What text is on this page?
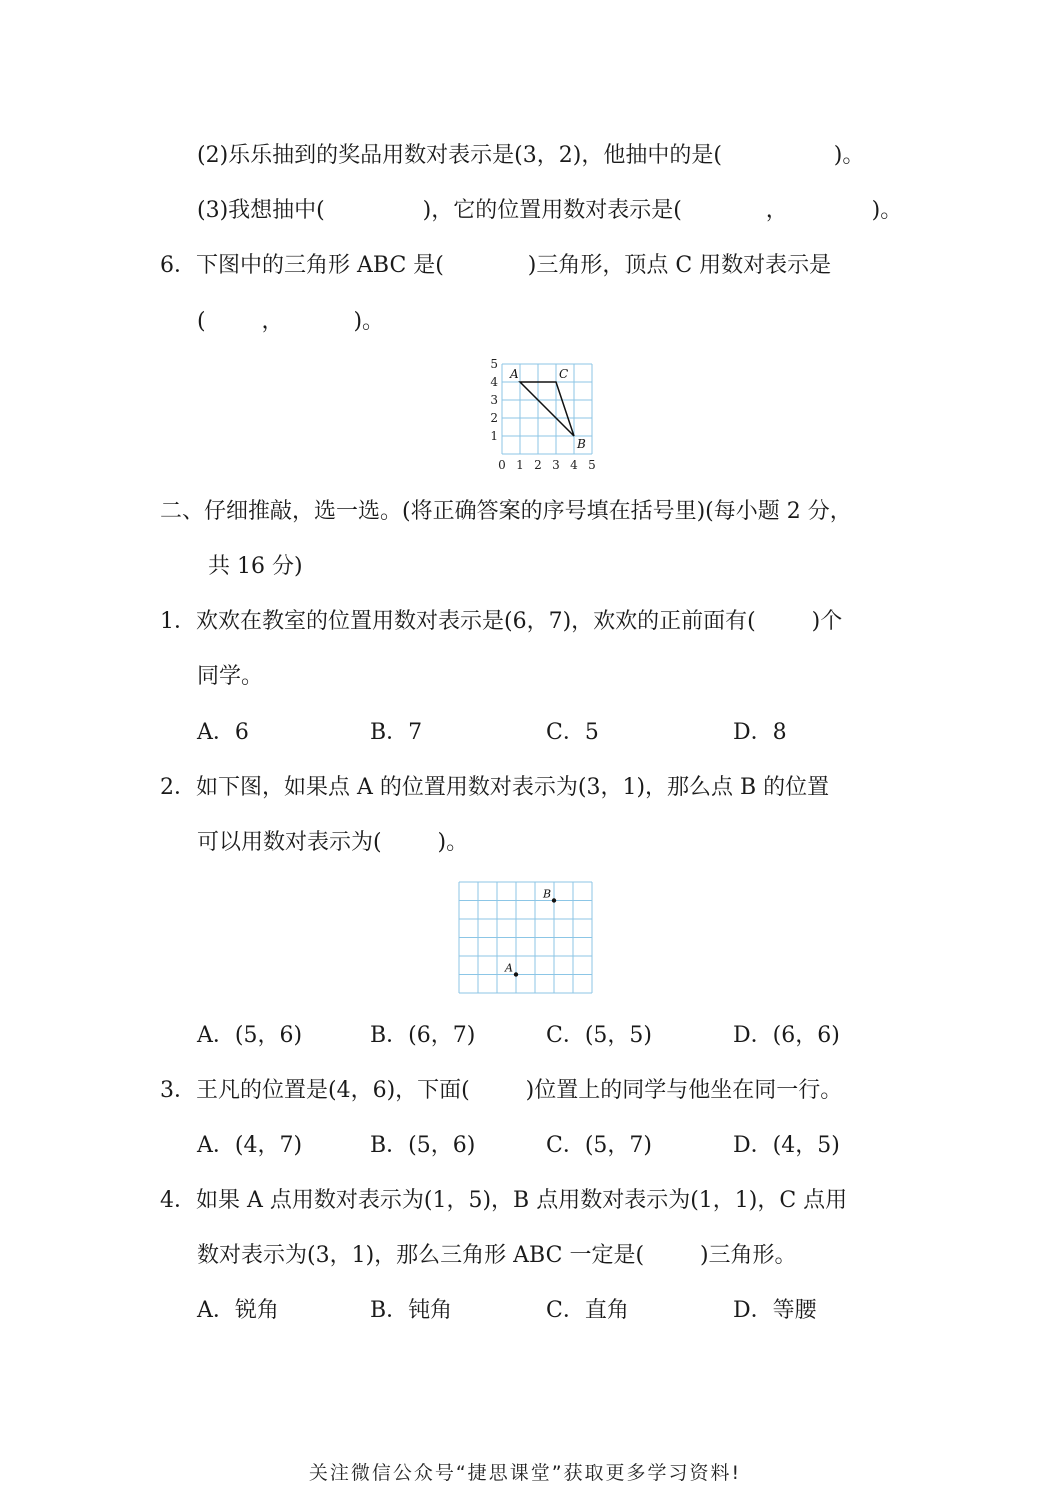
(2)乐乐抽到的奖品用数对表示是(3，2)，他抽中的是(                )。
(3)我想抽中(              )，它的位置用数对表示是(            ，            )。
6．下图中的三角形 ABC 是(            )三角形，顶点 C 用数对表示是
(        ，          )。
0 1 2 3 4 5
1
2
3
4
5
A	C
B
二、仔细推敲，选一选。(将正确答案的序号填在括号里)(每小题 2 分，
共 16 分)
1．欢欢在教室的位置用数对表示是(6，7)，欢欢的正前面有(        )个
同学。
A．6	B．7	C．5	D．8
2．如下图，如果点 A 的位置用数对表示为(3，1)，那么点 B 的位置
可以用数对表示为(        )。
A
B
A．(5，6)	B．(6，7)	C．(5，5)	D．(6，6)
3．王凡的位置是(4，6)，下面(        )位置上的同学与他坐在同一行。
A．(4，7)	B．(5，6)	C．(5，7)	D．(4，5)
4．如果 A 点用数对表示为(1，5)，B 点用数对表示为(1，1)，C 点用
数对表示为(3，1)，那么三角形 ABC 一定是(        )三角形。
A．锐角	B．钝角	C．直角	D．等腰
关注微信公众号“捷思课堂”获取更多学习资料!
